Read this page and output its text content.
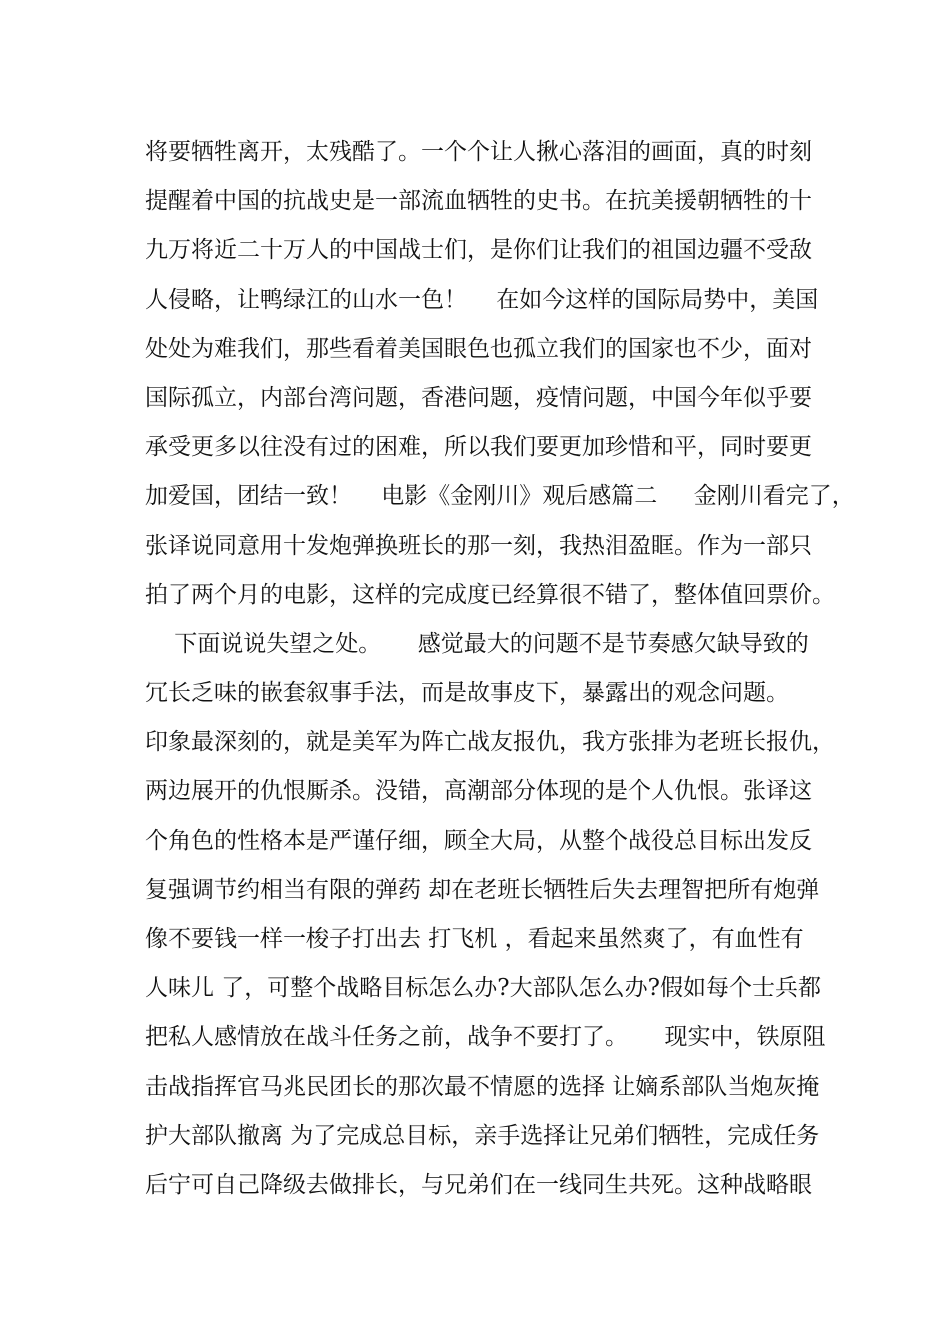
将要牺牲离开，太残酷了。一个个让人揪心落泪的画面，真的时刻
提醒着中国的抗战史是一部流血牺牲的史书。在抗美援朝牺牲的十
九万将近二十万人的中国战士们，是你们让我们的祖国边疆不受敌
人侵略，让鸭绿江的山水一色！    在如今这样的国际局势中，美国
处处为难我们，那些看着美国眼色也孤立我们的国家也不少，面对
国际孤立，内部台湾问题，香港问题，疫情问题，中国今年似乎要
承受更多以往没有过的困难，所以我们要更加珍惜和平，同时要更
加爱国，团结一致！    电影《金刚川》观后感篇二     金刚川看完了，
张译说同意用十发炮弹换班长的那一刻，我热泪盈眶。作为一部只
拍了两个月的电影，这样的完成度已经算很不错了，整体值回票价。
下面说说失望之处。     感觉最大的问题不是节奏感欠缺导致的
冗长乏味的嵌套叙事手法，而是故事皮下，暴露出的观念问题。
印象最深刻的，就是美军为阵亡战友报仇，我方张排为老班长报仇，
两边展开的仇恨厮杀。没错，高潮部分体现的是个人仇恨。张译这
个角色的性格本是严谨仔细，顾全大局，从整个战役总目标出发反
复强调节约相当有限的弹药 却在老班长牺牲后失去理智把所有炮弹
像不要钱一样一梭子打出去 打飞机 ，看起来虽然爽了，有血性有
人味儿 了，可整个战略目标怎么办?大部队怎么办?假如每个士兵都
把私人感情放在战斗任务之前，战争不要打了。     现实中，铁原阻
击战指挥官马兆民团长的那次最不情愿的选择 让嫡系部队当炮灰掩
护大部队撤离 为了完成总目标，亲手选择让兄弟们牺牲，完成任务
后宁可自己降级去做排长，与兄弟们在一线同生共死。这种战略眼
